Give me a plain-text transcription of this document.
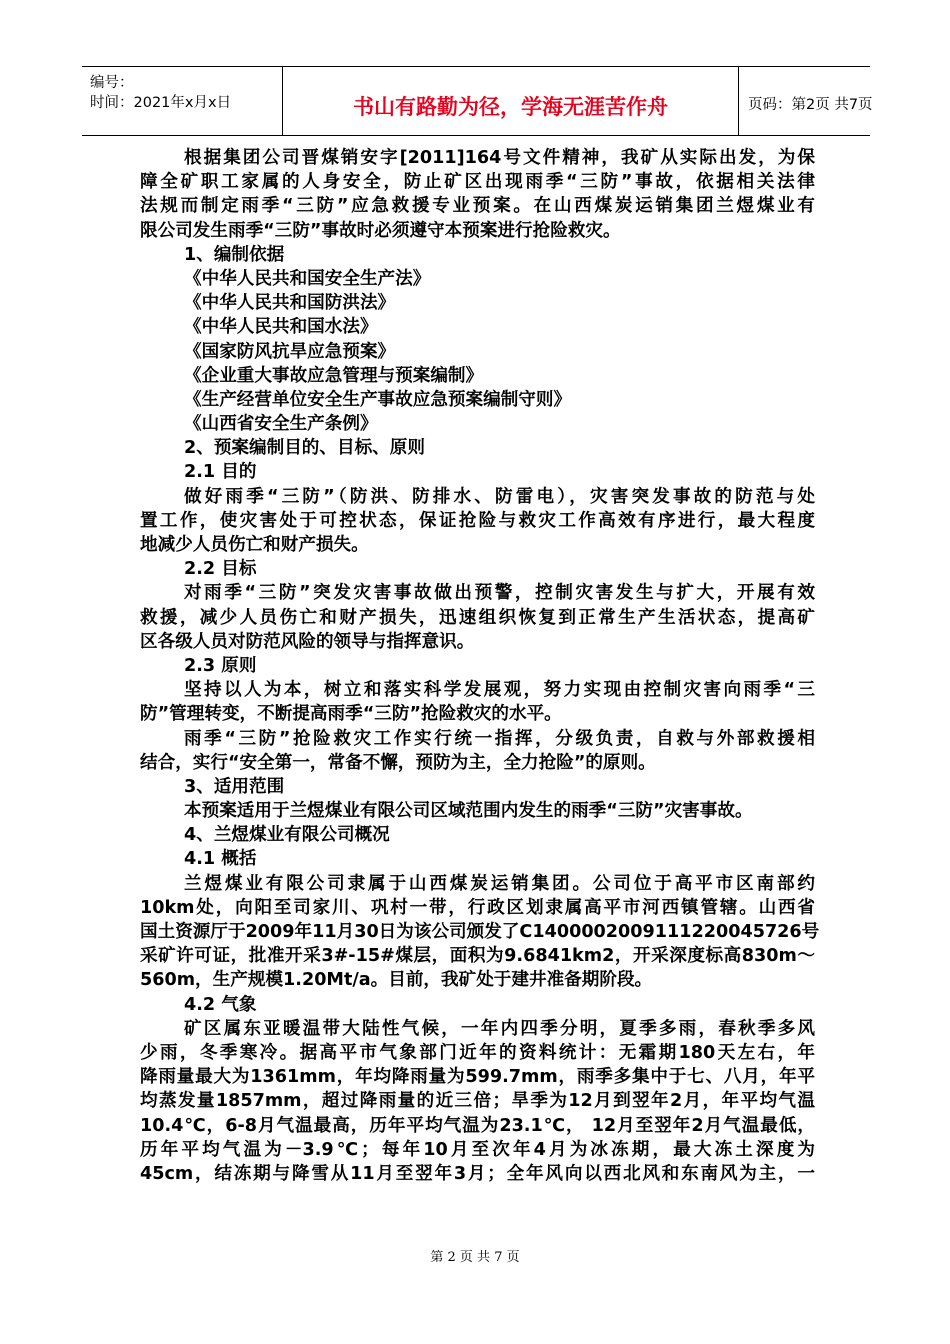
编号：
时间：2021年x月x日	书山有路勤为径，学海无涯苦作舟	页码：第2页 共7页
根据集团公司晋煤销安字[2011]164号文件精神，我矿从实际出发，为保
障全矿职工家属的人身安全，防止矿区出现雨季“三防”事故，依据相关法律
法规而制定雨季“三防”应急救援专业预案。在山西煤炭运销集团兰煜煤业有
限公司发生雨季“三防”事故时必须遵守本预案进行抢险救灾。
1、编制依据
《中华人民共和国安全生产法》
《中华人民共和国防洪法》
《中华人民共和国水法》
《国家防风抗旱应急预案》
《企业重大事故应急管理与预案编制》
《生产经营单位安全生产事故应急预案编制守则》
《山西省安全生产条例》
2、预案编制目的、目标、原则
2.1 目的
做好雨季“三防”（防洪、防排水、防雷电），灾害突发事故的防范与处
置工作，使灾害处于可控状态，保证抢险与救灾工作高效有序进行，最大程度
地减少人员伤亡和财产损失。
2.2 目标
对雨季“三防”突发灾害事故做出预警，控制灾害发生与扩大，开展有效
救援，减少人员伤亡和财产损失，迅速组织恢复到正常生产生活状态，提高矿
区各级人员对防范风险的领导与指挥意识。
2.3 原则
坚持以人为本，树立和落实科学发展观，努力实现由控制灾害向雨季“三
防”管理转变，不断提高雨季“三防”抢险救灾的水平。
雨季“三防”抢险救灾工作实行统一指挥，分级负责，自救与外部救援相
结合，实行“安全第一，常备不懈，预防为主，全力抢险”的原则。
3、适用范围
本预案适用于兰煜煤业有限公司区域范围内发生的雨季“三防”灾害事故。
4、兰煜煤业有限公司概况
4.1 概括
兰煜煤业有限公司隶属于山西煤炭运销集团。公司位于高平市区南部约
10km处，向阳至司家川、巩村一带，行政区划隶属高平市河西镇管辖。山西省
国土资源厅于2009年11月30日为该公司颁发了C1400002009111220045726号
采矿许可证，批准开采3#-15#煤层，面积为9.6841km2，开采深度标高830m～
560m，生产规模1.20Mt/a。目前，我矿处于建井准备期阶段。
4.2 气象
矿区属东亚暖温带大陆性气候，一年内四季分明，夏季多雨，春秋季多风
少雨，冬季寒冷。据高平市气象部门近年的资料统计：无霜期180天左右，年
降雨量最大为1361mm，年均降雨量为599.7mm，雨季多集中于七、八月，年平
均蒸发量1857mm，超过降雨量的近三倍；旱季为12月到翌年2月，年平均气温
10.4℃，6-8月气温最高，历年平均气温为23.1℃， 12月至翌年2月气温最低，
历年平均气温为－3.9℃；每年10月至次年4月为冰冻期，最大冻土深度为
45cm，结冻期与降雪从11月至翌年3月；全年风向以西北风和东南风为主，一
第 2 页 共 7 页
